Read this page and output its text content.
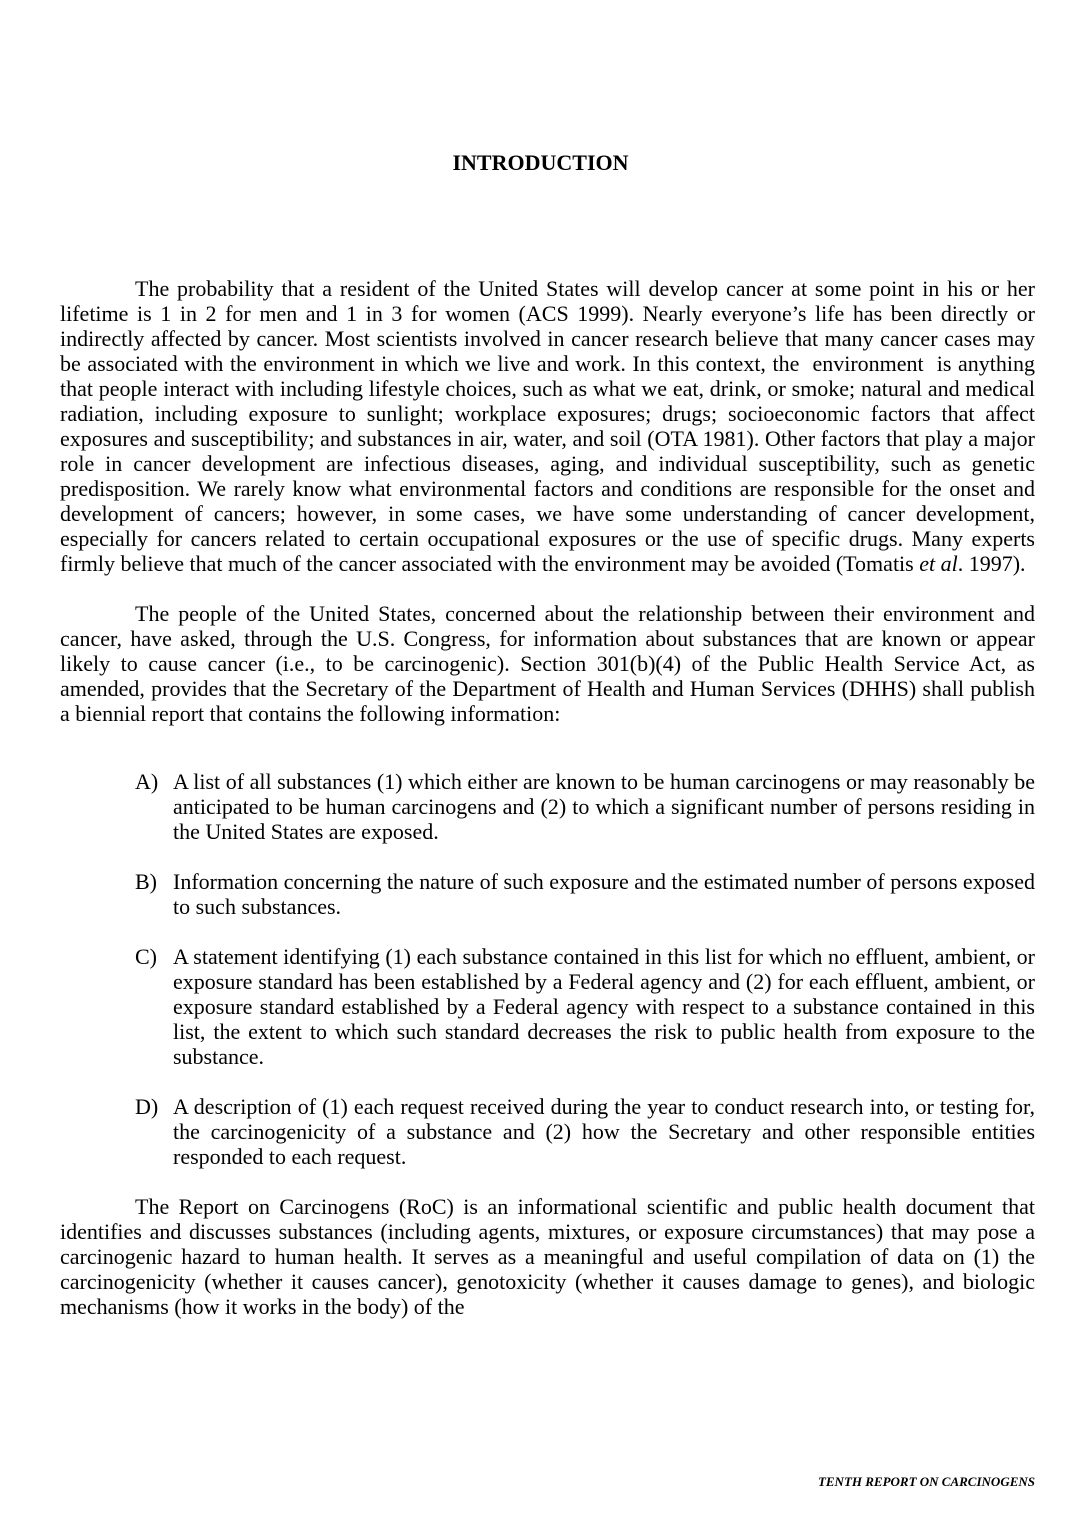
INTRODUCTION

The probability that a resident of the United States will develop cancer at some point in his or her lifetime is 1 in 2 for men and 1 in 3 for women (ACS 1999). Nearly everyone’s life has been directly or indirectly affected by cancer. Most scientists involved in cancer research believe that many cancer cases may be associated with the environment in which we live and work. In this context, the  environment  is anything that people interact with including lifestyle choices, such as what we eat, drink, or smoke; natural and medical radiation, including exposure to sunlight; workplace exposures; drugs; socioeconomic factors that affect exposures and susceptibility; and substances in air, water, and soil (OTA 1981). Other factors that play a major role in cancer development are infectious diseases, aging, and individual susceptibility, such as genetic predisposition. We rarely know what environmental factors and conditions are responsible for the onset and development of cancers; however, in some cases, we have some understanding of cancer development, especially for cancers related to certain occupational exposures or the use of specific drugs. Many experts firmly believe that much of the cancer associated with the environment may be avoided (Tomatis et al. 1997).

The people of the United States, concerned about the relationship between their environment and cancer, have asked, through the U.S. Congress, for information about substances that are known or appear likely to cause cancer (i.e., to be carcinogenic). Section 301(b)(4) of the Public Health Service Act, as amended, provides that the Secretary of the Department of Health and Human Services (DHHS) shall publish a biennial report that contains the following information:

A) A list of all substances (1) which either are known to be human carcinogens or may reasonably be anticipated to be human carcinogens and (2) to which a significant number of persons residing in the United States are exposed.
B) Information concerning the nature of such exposure and the estimated number of persons exposed to such substances.
C) A statement identifying (1) each substance contained in this list for which no effluent, ambient, or exposure standard has been established by a Federal agency and (2) for each effluent, ambient, or exposure standard established by a Federal agency with respect to a substance contained in this list, the extent to which such standard decreases the risk to public health from exposure to the substance.
D) A description of (1) each request received during the year to conduct research into, or testing for, the carcinogenicity of a substance and (2) how the Secretary and other responsible entities responded to each request.

The Report on Carcinogens (RoC) is an informational scientific and public health document that identifies and discusses substances (including agents, mixtures, or exposure circumstances) that may pose a carcinogenic hazard to human health. It serves as a meaningful and useful compilation of data on (1) the carcinogenicity (whether it causes cancer), genotoxicity (whether it causes damage to genes), and biologic mechanisms (how it works in the body) of the

TENTH REPORT ON CARCINOGENS
